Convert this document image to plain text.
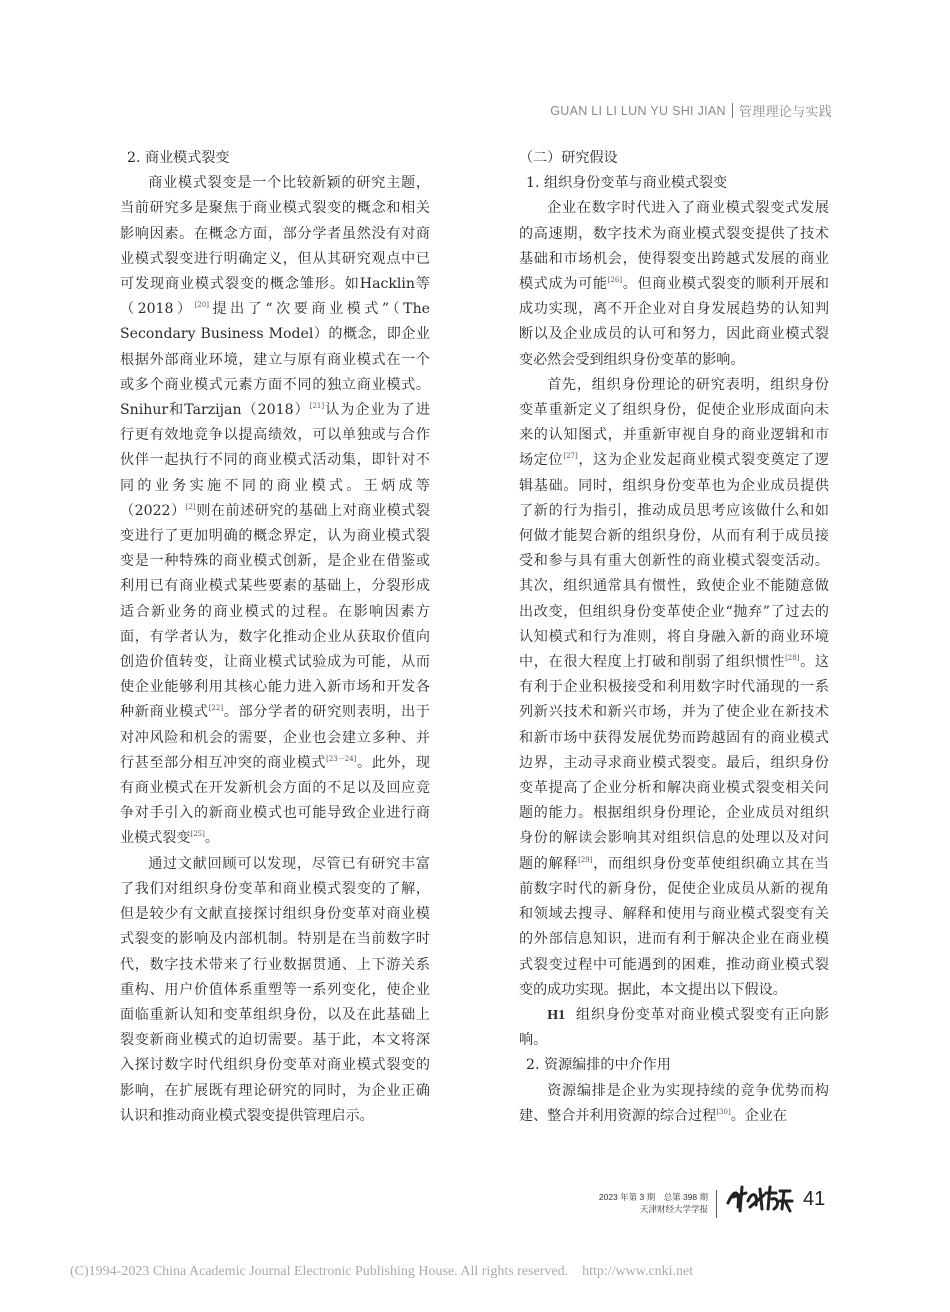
GUAN LI LI LUN YU SHI JIAN 管理理论与实践

2. 商业模式裂变

商业模式裂变是一个比较新颖的研究主题，当前研究多是聚焦于商业模式裂变的概念和相关影响因素。在概念方面，部分学者虽然没有对商业模式裂变进行明确定义，但从其研究观点中已可发现商业模式裂变的概念雏形。如Hacklin等（2018）[20]提出了“次要商业模式”（The Secondary Business Model）的概念，即企业根据外部商业环境，建立与原有商业模式在一个或多个商业模式元素方面不同的独立商业模式。Snihur和Tarzijan（2018）[21]认为企业为了进行更有效地竞争以提高绩效，可以单独或与合作伙伴一起执行不同的商业模式活动集，即针对不同的业务实施不同的商业模式。王炳成等（2022）[2]则在前述研究的基础上对商业模式裂变进行了更加明确的概念界定，认为商业模式裂变是一种特殊的商业模式创新，是企业在借鉴或利用已有商业模式某些要素的基础上，分裂形成适合新业务的商业模式的过程。在影响因素方面，有学者认为，数字化推动企业从获取价值向创造价值转变，让商业模式试验成为可能，从而使企业能够利用其核心能力进入新市场和开发各种新商业模式[22]。部分学者的研究则表明，出于对冲风险和机会的需要，企业也会建立多种、并行甚至部分相互冲突的商业模式[23－24]。此外，现有商业模式在开发新机会方面的不足以及回应竞争对手引入的新商业模式也可能导致企业进行商业模式裂变[25]。

通过文献回顾可以发现，尽管已有研究丰富了我们对组织身份变革和商业模式裂变的了解，但是较少有文献直接探讨组织身份变革对商业模式裂变的影响及内部机制。特别是在当前数字时代，数字技术带来了行业数据贯通、上下游关系重构、用户价值体系重塑等一系列变化，使企业面临重新认知和变革组织身份，以及在此基础上裂变新商业模式的迫切需要。基于此，本文将深入探讨数字时代组织身份变革对商业模式裂变的影响，在扩展既有理论研究的同时，为企业正确认识和推动商业模式裂变提供管理启示。

（二）研究假设

1. 组织身份变革与商业模式裂变

企业在数字时代进入了商业模式裂变式发展的高速期，数字技术为商业模式裂变提供了技术基础和市场机会，使得裂变出跨越式发展的商业模式成为可能[26]。但商业模式裂变的顺利开展和成功实现，离不开企业对自身发展趋势的认知判断以及企业成员的认可和努力，因此商业模式裂变必然会受到组织身份变革的影响。

首先，组织身份理论的研究表明，组织身份变革重新定义了组织身份，促使企业形成面向未来的认知图式，并重新审视自身的商业逻辑和市场定位[27]，这为企业发起商业模式裂变奠定了逻辑基础。同时，组织身份变革也为企业成员提供了新的行为指引，推动成员思考应该做什么和如何做才能契合新的组织身份，从而有利于成员接受和参与具有重大创新性的商业模式裂变活动。其次，组织通常具有惯性，致使企业不能随意做出改变，但组织身份变革使企业“抛弃”了过去的认知模式和行为准则，将自身融入新的商业环境中，在很大程度上打破和削弱了组织惯性[28]。这有利于企业积极接受和利用数字时代涌现的一系列新兴技术和新兴市场，并为了使企业在新技术和新市场中获得发展优势而跨越固有的商业模式边界，主动寻求商业模式裂变。最后，组织身份变革提高了企业分析和解决商业模式裂变相关问题的能力。根据组织身份理论，企业成员对组织身份的解读会影响其对组织信息的处理以及对问题的解释[29]，而组织身份变革使组织确立其在当前数字时代的新身份，促使企业成员从新的视角和领域去搜寻、解释和使用与商业模式裂变有关的外部信息知识，进而有利于解决企业在商业模式裂变过程中可能遇到的困难，推动商业模式裂变的成功实现。据此，本文提出以下假设。

H1 组织身份变革对商业模式裂变有正向影响。

2. 资源编排的中介作用

资源编排是企业为实现持续的竞争优势而构建、整合并利用资源的综合过程[30]。企业在

2023 年第 3 期　总第 398 期
天津财经大学学报	41
(C)1994-2023 China Academic Journal Electronic Publishing House. All rights reserved. http://www.cnki.net
